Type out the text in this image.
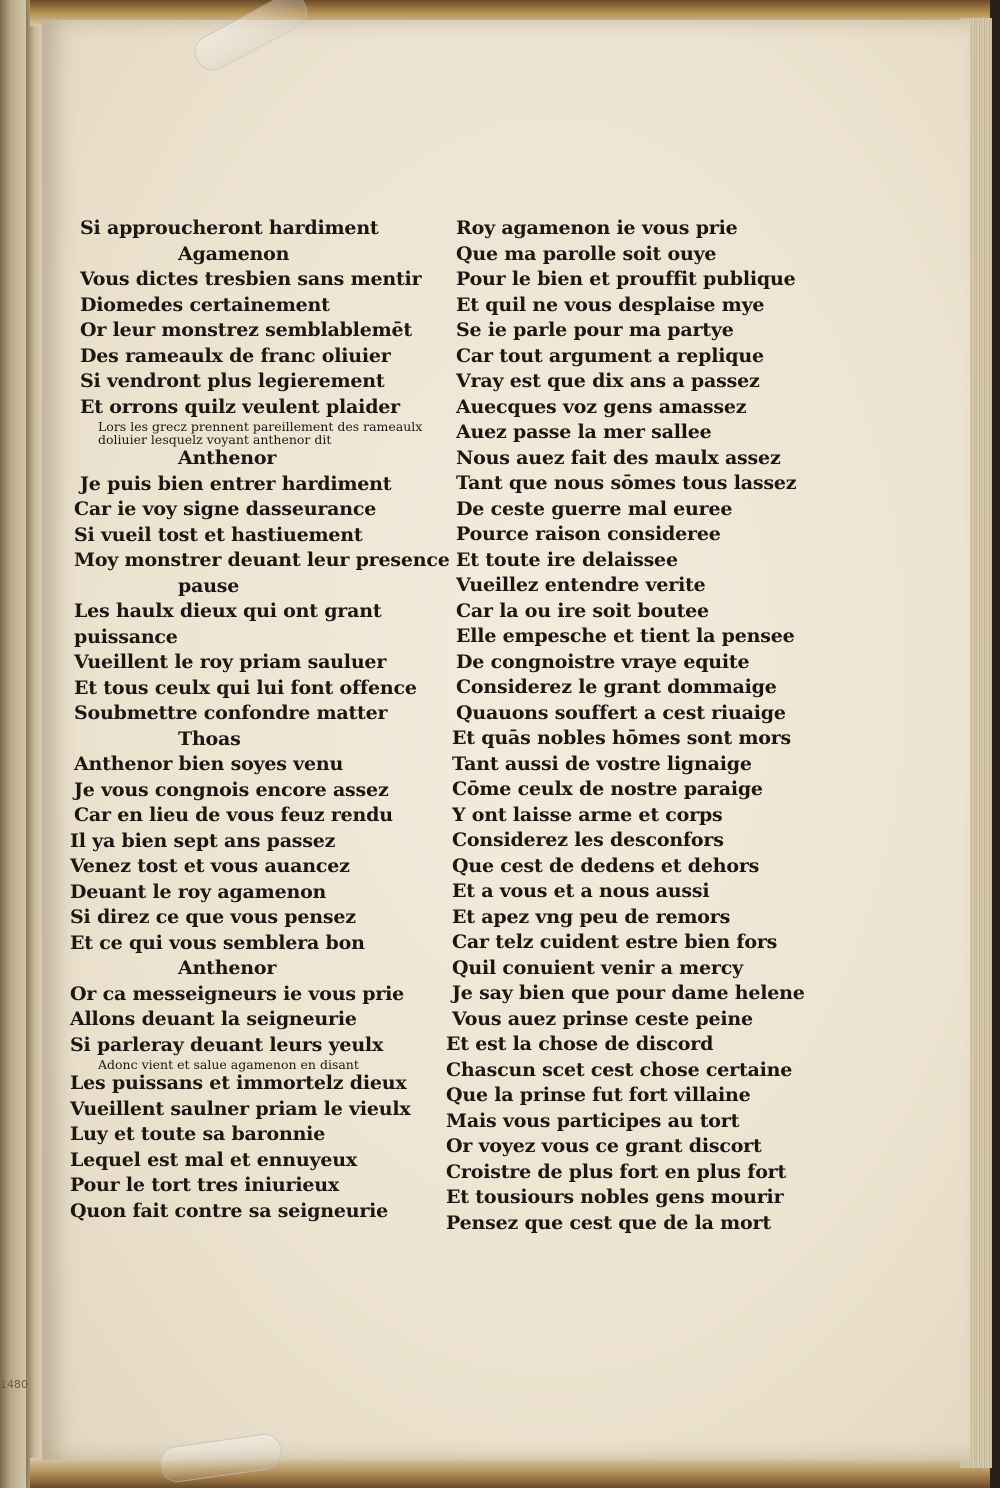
Si approucheront hardiment
Agamenon
Vous dictes tresbien sans mentir
Diomedes certainement
Or leur monstrez semblablemēt
Des rameaulx de franc oliuier
Si vendront plus legierement
Et orrons quilz veulent plaider
Lors les grecz prennent pareillement des rameaulx
doliuier lesquelz voyant anthenor dit
Anthenor
Je puis bien entrer hardiment
Car ie voy signe dasseurance
Si vueil tost et hastiuement
Moy monstrer deuant leur presence
pause
Les haulx dieux qui ont grant
puissance
Vueillent le roy priam sauluer
Et tous ceulx qui lui font offence
Soubmettre confondre matter
Thoas
Anthenor bien soyes venu
Je vous congnois encore assez
Car en lieu de vous feuz rendu
Il ya bien sept ans passez
Venez tost et vous auancez
Deuant le roy agamenon
Si direz ce que vous pensez
Et ce qui vous semblera bon
Anthenor
Or ca messeigneurs ie vous prie
Allons deuant la seigneurie
Si parleray deuant leurs yeulx
Adonc vient et salue agamenon en disant
Les puissans et immortelz dieux
Vueillent saulner priam le vieulx
Luy et toute sa baronnie
Lequel est mal et ennuyeux
Pour le tort tres iniurieux
Quon fait contre sa seigneurie
Roy agamenon ie vous prie
Que ma parolle soit ouye
Pour le bien et prouffit publique
Et quil ne vous desplaise mye
Se ie parle pour ma partye
Car tout argument a replique
Vray est que dix ans a passez
Auecques voz gens amassez
Auez passe la mer sallee
Nous auez fait des maulx assez
Tant que nous sōmes tous lassez
De ceste guerre mal euree
Pource raison consideree
Et toute ire delaissee
Vueillez entendre verite
Car la ou ire soit boutee
Elle empesche et tient la pensee
De congnoistre vraye equite
Considerez le grant dommaige
Quauons souffert a cest riuaige
Et quās nobles hōmes sont mors
Tant aussi de vostre lignaige
Cōme ceulx de nostre paraige
Y ont laisse arme et corps
Considerez les desconfors
Que cest de dedens et dehors
Et a vous et a nous aussi
Et apez vng peu de remors
Car telz cuident estre bien fors
Quil conuient venir a mercy
Je say bien que pour dame helene
Vous auez prinse ceste peine
Et est la chose de discord
Chascun scet cest chose certaine
Que la prinse fut fort villaine
Mais vous participes au tort
Or voyez vous ce grant discort
Croistre de plus fort en plus fort
Et tousiours nobles gens mourir
Pensez que cest que de la mort
1480
